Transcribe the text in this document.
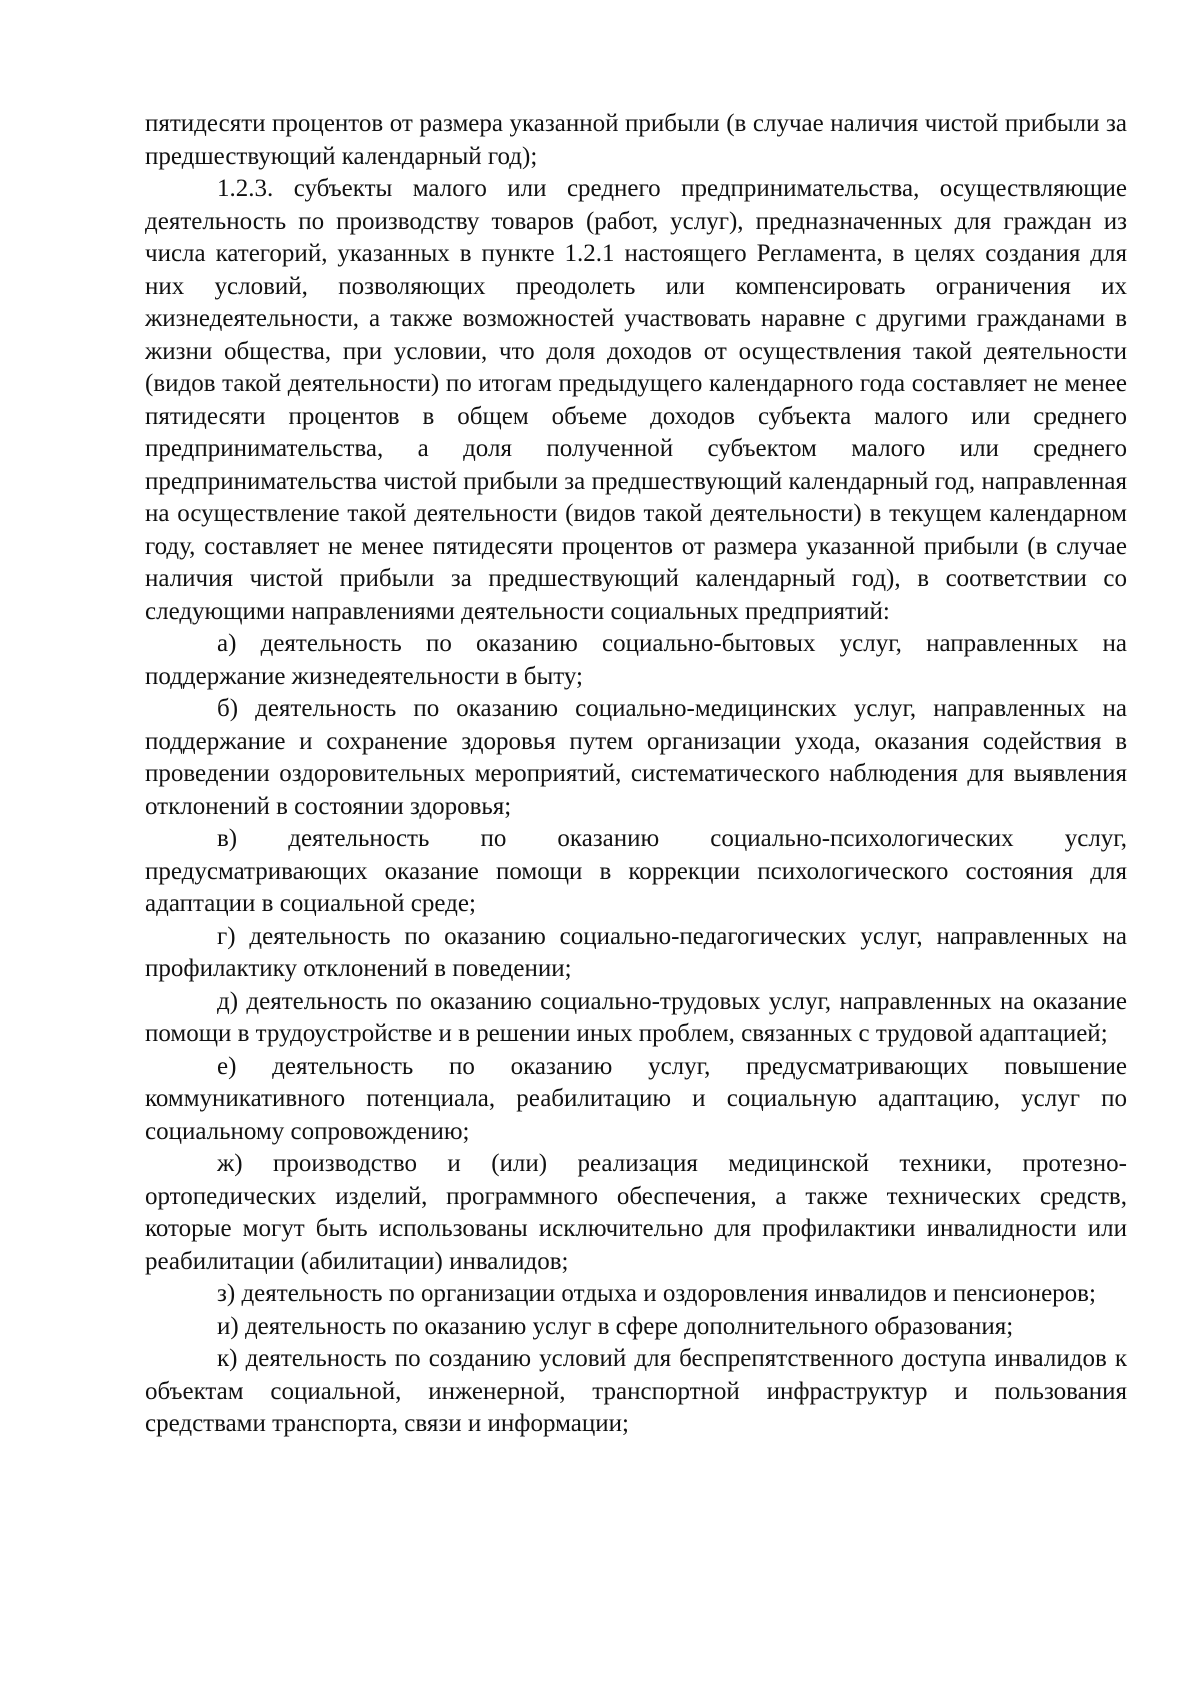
пятидесяти процентов от размера указанной прибыли (в случае наличия чистой прибыли за предшествующий календарный год);

1.2.3. субъекты малого или среднего предпринимательства, осуществляющие деятельность по производству товаров (работ, услуг), предназначенных для граждан из числа категорий, указанных в пункте 1.2.1 настоящего Регламента, в целях создания для них условий, позволяющих преодолеть или компенсировать ограничения их жизнедеятельности, а также возможностей участвовать наравне с другими гражданами в жизни общества, при условии, что доля доходов от осуществления такой деятельности (видов такой деятельности) по итогам предыдущего календарного года составляет не менее пятидесяти процентов в общем объеме доходов субъекта малого или среднего предпринимательства, а доля полученной субъектом малого или среднего предпринимательства чистой прибыли за предшествующий календарный год, направленная на осуществление такой деятельности (видов такой деятельности) в текущем календарном году, составляет не менее пятидесяти процентов от размера указанной прибыли (в случае наличия чистой прибыли за предшествующий календарный год), в соответствии со следующими направлениями деятельности социальных предприятий:

а) деятельность по оказанию социально-бытовых услуг, направленных на поддержание жизнедеятельности в быту;

б) деятельность по оказанию социально-медицинских услуг, направленных на поддержание и сохранение здоровья путем организации ухода, оказания содействия в проведении оздоровительных мероприятий, систематического наблюдения для выявления отклонений в состоянии здоровья;

в) деятельность по оказанию социально-психологических услуг, предусматривающих оказание помощи в коррекции психологического состояния для адаптации в социальной среде;

г) деятельность по оказанию социально-педагогических услуг, направленных на профилактику отклонений в поведении;

д) деятельность по оказанию социально-трудовых услуг, направленных на оказание помощи в трудоустройстве и в решении иных проблем, связанных с трудовой адаптацией;

е) деятельность по оказанию услуг, предусматривающих повышение коммуникативного потенциала, реабилитацию и социальную адаптацию, услуг по социальному сопровождению;

ж) производство и (или) реализация медицинской техники, протезно-ортопедических изделий, программного обеспечения, а также технических средств, которые могут быть использованы исключительно для профилактики инвалидности или реабилитации (абилитации) инвалидов;

з) деятельность по организации отдыха и оздоровления инвалидов и пенсионеров;

и) деятельность по оказанию услуг в сфере дополнительного образования;

к) деятельность по созданию условий для беспрепятственного доступа инвалидов к объектам социальной, инженерной, транспортной инфраструктур и пользования средствами транспорта, связи и информации;
